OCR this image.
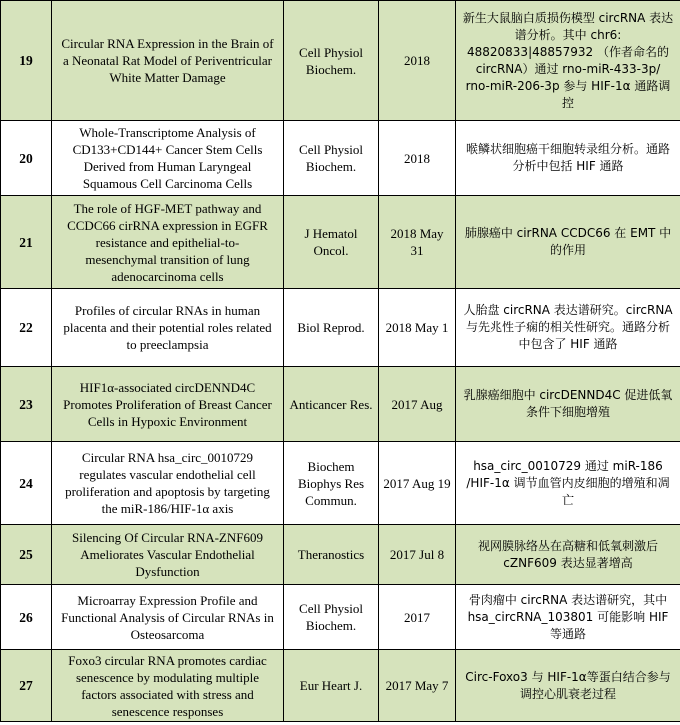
19	Circular RNA Expression in the Brain of a Neonatal Rat Model of Periventricular White Matter Damage	Cell Physiol Biochem.	2018	新生大鼠脑白质损伤模型 circRNA 表达谱分析。其中 chr6: 48820833|48857932 （作者命名的 circRNA）通过 rno-miR-433-3p/ rno-miR-206-3p 参与 HIF-1α 通路调控
20	Whole-Transcriptome Analysis of CD133+CD144+ Cancer Stem Cells Derived from Human Laryngeal Squamous Cell Carcinoma Cells	Cell Physiol Biochem.	2018	喉鳞状细胞癌干细胞转录组分析。通路分析中包括 HIF 通路
21	The role of HGF-MET pathway and CCDC66 cirRNA expression in EGFR resistance and epithelial-to-mesenchymal transition of lung adenocarcinoma cells	J Hematol Oncol.	2018 May 31	肺腺癌中 cirRNA CCDC66 在 EMT 中的作用
22	Profiles of circular RNAs in human placenta and their potential roles related to preeclampsia	Biol Reprod.	2018 May 1	人胎盘 circRNA 表达谱研究。circRNA 与先兆性子痫的相关性研究。通路分析中包含了 HIF 通路
23	HIF1α-associated circDENND4C Promotes Proliferation of Breast Cancer Cells in Hypoxic Environment	Anticancer Res.	2017 Aug	乳腺癌细胞中 circDENND4C 促进低氧条件下细胞增殖
24	Circular RNA hsa_circ_0010729 regulates vascular endothelial cell proliferation and apoptosis by targeting the miR-186/HIF-1α axis	Biochem Biophys Res Commun.	2017 Aug 19	hsa_circ_0010729 通过 miR-186 /HIF-1α 调节血管内皮细胞的增殖和凋亡
25	Silencing Of Circular RNA-ZNF609 Ameliorates Vascular Endothelial Dysfunction	Theranostics	2017 Jul 8	视网膜脉络丛在高糖和低氧刺激后 cZNF609 表达显著增高
26	Microarray Expression Profile and Functional Analysis of Circular RNAs in Osteosarcoma	Cell Physiol Biochem.	2017	骨肉瘤中 circRNA 表达谱研究，其中 hsa_circRNA_103801 可能影响 HIF 等通路
27	Foxo3 circular RNA promotes cardiac senescence by modulating multiple factors associated with stress and senescence responses	Eur Heart J.	2017 May 7	Circ-Foxo3 与 HIF-1α等蛋白结合参与调控心肌衰老过程
